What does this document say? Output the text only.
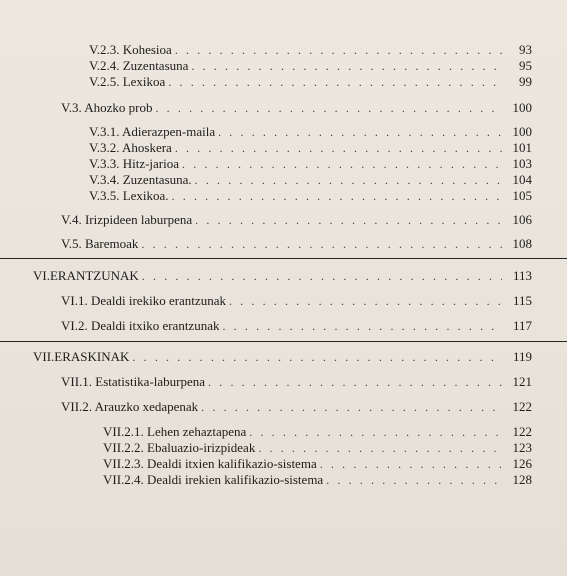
V.2.3. Kohesioa . . .	93
V.2.4. Zuzentasuna . . .	95
V.2.5. Lexikoa . . .	99
V.3. Ahozko prob . . .	100
V.3.1. Adierazpen-maila . . .	100
V.3.2. Ahoskera . . .	101
V.3.3. Hitz-jarioa . . .	103
V.3.4. Zuzentasuna. . . .	104
V.3.5. Lexikoa. . . .	105
V.4. Irizpideen laburpena . . .	106
V.5. Baremoak . . .	108
VI. ERANTZUNAK . . .	113
VI.1. Dealdi irekiko erantzunak . . .	115
VI.2. Dealdi itxiko erantzunak . . .	117
VII. ERASKINAK . . .	119
VII.1. Estatistika-laburpena . . .	121
VII.2. Arauzko xedapenak . . .	122
VII.2.1. Lehen zehaztapena . . .	122
VII.2.2. Ebaluazio-irizpideak . . .	123
VII.2.3. Dealdi itxien kalifikazio-sistema . . .	126
VII.2.4. Dealdi irekien kalifikazio-sistema . . .	128
